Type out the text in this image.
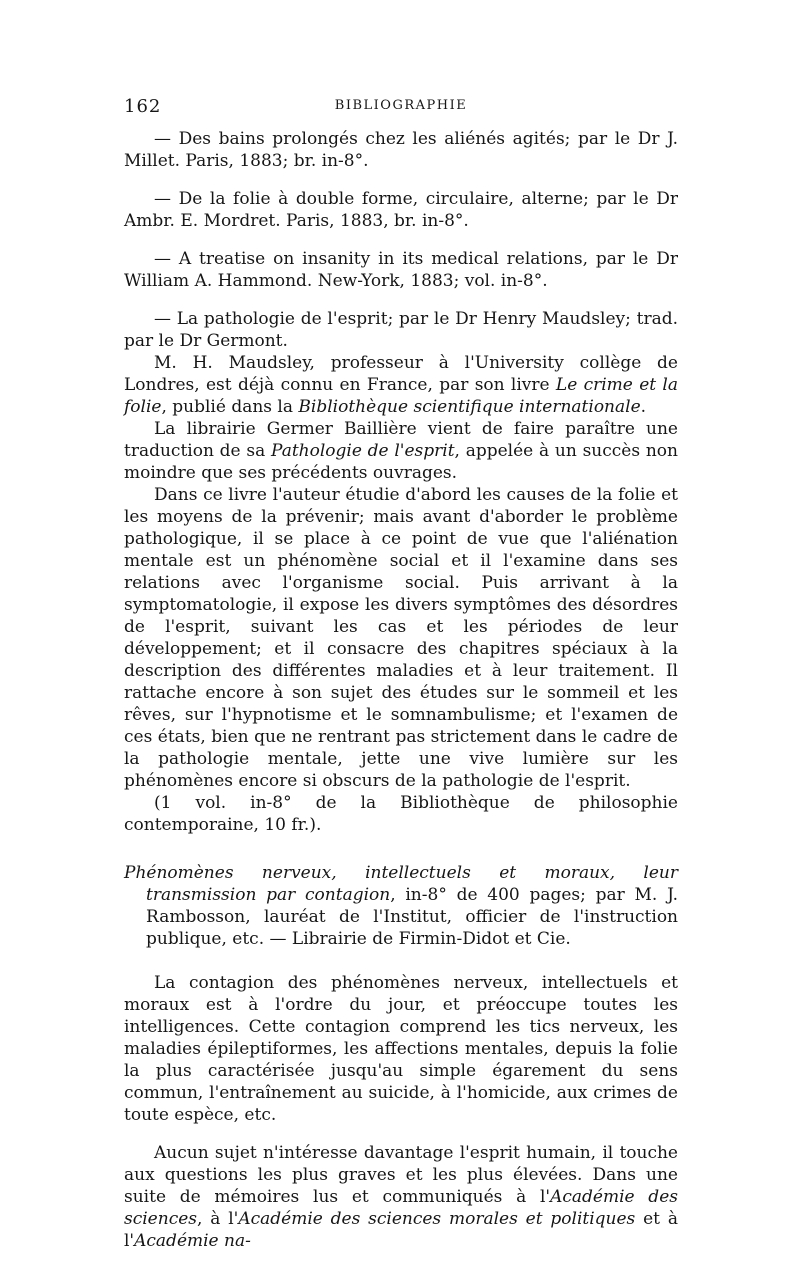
162	BIBLIOGRAPHIE

— Des bains prolongés chez les aliénés agités; par le Dr J. Millet. Paris, 1883; br. in-8°.

— De la folie à double forme, circulaire, alterne; par le Dr Ambr. E. Mordret. Paris, 1883, br. in-8°.

— A treatise on insanity in its medical relations, par le Dr William A. Hammond. New-York, 1883; vol. in-8°.

— La pathologie de l'esprit; par le Dr Henry Maudsley; trad. par le Dr Germont.

M. H. Maudsley, professeur à l'University collège de Londres, est déjà connu en France, par son livre Le crime et la folie, publié dans la Bibliothèque scientifique internationale.

La librairie Germer Baillière vient de faire paraître une traduction de sa Pathologie de l'esprit, appelée à un succès non moindre que ses précédents ouvrages.

Dans ce livre l'auteur étudie d'abord les causes de la folie et les moyens de la prévenir; mais avant d'aborder le problème pathologique, il se place à ce point de vue que l'aliénation mentale est un phénomène social et il l'examine dans ses relations avec l'organisme social. Puis arrivant à la symptomatologie, il expose les divers symptômes des désordres de l'esprit, suivant les cas et les périodes de leur développement; et il consacre des chapitres spéciaux à la description des différentes maladies et à leur traitement. Il rattache encore à son sujet des études sur le sommeil et les rêves, sur l'hypnotisme et le somnambulisme; et l'examen de ces états, bien que ne rentrant pas strictement dans le cadre de la pathologie mentale, jette une vive lumière sur les phénomènes encore si obscurs de la pathologie de l'esprit.

(1 vol. in-8° de la Bibliothèque de philosophie contemporaine, 10 fr.).

Phénomènes nerveux, intellectuels et moraux, leur transmission par contagion, in-8° de 400 pages; par M. J. Rambosson, lauréat de l'Institut, officier de l'instruction publique, etc. — Librairie de Firmin-Didot et Cie.

La contagion des phénomènes nerveux, intellectuels et moraux est à l'ordre du jour, et préoccupe toutes les intelligences. Cette contagion comprend les tics nerveux, les maladies épileptiformes, les affections mentales, depuis la folie la plus caractérisée jusqu'au simple égarement du sens commun, l'entraînement au suicide, à l'homicide, aux crimes de toute espèce, etc.

Aucun sujet n'intéresse davantage l'esprit humain, il touche aux questions les plus graves et les plus élevées. Dans une suite de mémoires lus et communiqués à l'Académie des sciences, à l'Académie des sciences morales et politiques et à l'Académie na-
